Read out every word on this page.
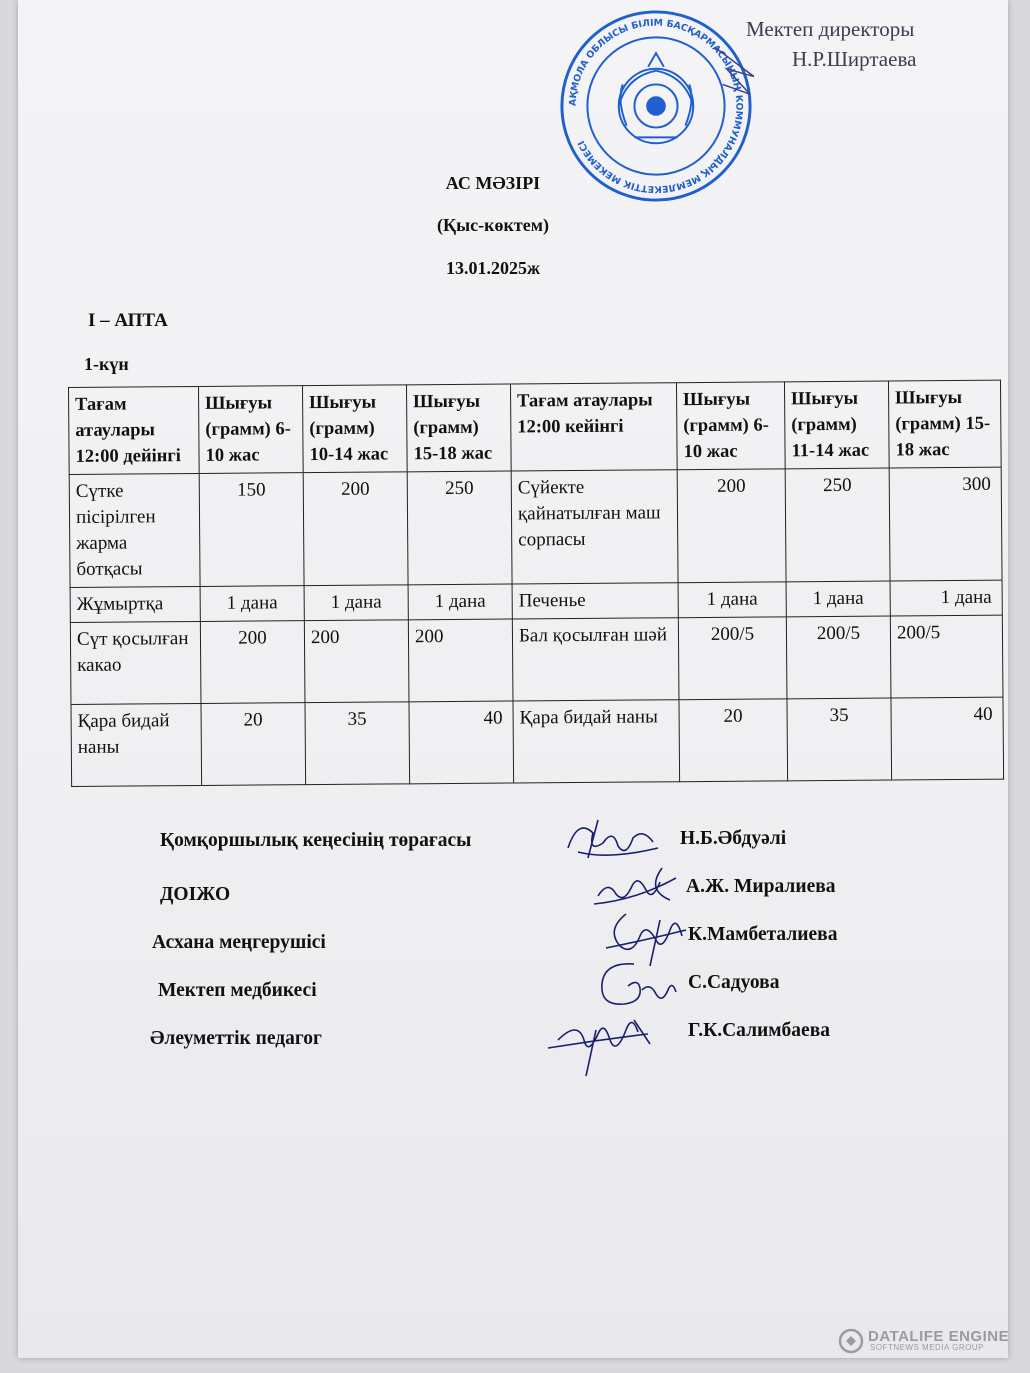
Мектеп директоры
Н.Р.Ширтаева
АҚМОЛА ОБЛЫСЫ БІЛІМ БАСҚАРМАСЫНЫҢ КОММУНАЛДЫҚ МЕМЛЕКЕТТІК МЕКЕМЕСІ
АС МӘЗІРІ
(Қыс-көктем)
13.01.2025ж
І – АПТА
1-күн
Тағам атаулары 12:00 дейінгі	Шығуы (грамм) 6-10 жас	Шығуы (грамм) 10-14 жас	Шығуы (грамм) 15-18 жас	Тағам атаулары 12:00 кейінгі	Шығуы (грамм) 6-10 жас	Шығуы (грамм) 11-14 жас	Шығуы (грамм) 15-18 жас
Сүтке пісірілген жарма ботқасы	150	200	250	Сүйекте қайнатылған маш сорпасы	200	250	300
Жұмыртқа	1 дана	1 дана	1 дана	Печенье	1 дана	1 дана	1 дана
Сүт қосылған какао	200	200	200	Бал қосылған шәй	200/5	200/5	200/5
Қара бидай наны	20	35	40	Қара бидай наны	20	35	40
Қомқоршылық кеңесінің төрағасы
ДОІЖО
Асхана меңгерушісі
Мектеп медбикесі
Әлеуметтік педагог
Н.Б.Әбдуәлі
А.Ж. Миралиева
К.Мамбеталиева
С.Садуова
Г.К.Салимбаева
DATALIFE ENGINE
SOFTNEWS MEDIA GROUP
